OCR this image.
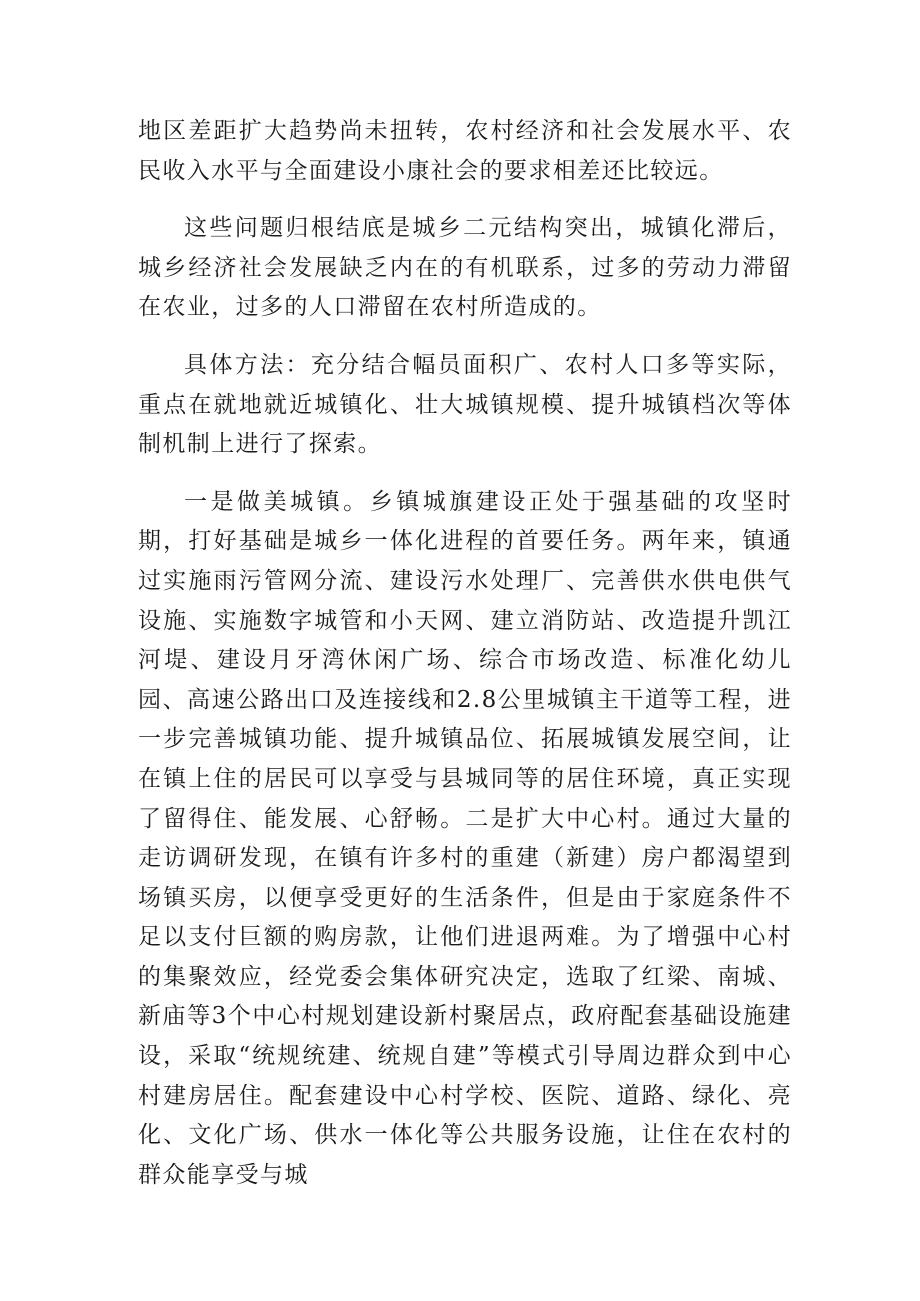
地区差距扩大趋势尚未扭转，农村经济和社会发展水平、农民收入水平与全面建设小康社会的要求相差还比较远。

这些问题归根结底是城乡二元结构突出，城镇化滞后，城乡经济社会发展缺乏内在的有机联系，过多的劳动力滞留在农业，过多的人口滞留在农村所造成的。

具体方法：充分结合幅员面积广、农村人口多等实际，重点在就地就近城镇化、壮大城镇规模、提升城镇档次等体制机制上进行了探索。

一是做美城镇。乡镇城旗建设正处于强基础的攻坚时期，打好基础是城乡一体化进程的首要任务。两年来，镇通过实施雨污管网分流、建设污水处理厂、完善供水供电供气设施、实施数字城管和小天网、建立消防站、改造提升凯江河堤、建设月牙湾休闲广场、综合市场改造、标准化幼儿园、高速公路出口及连接线和2.8公里城镇主干道等工程，进一步完善城镇功能、提升城镇品位、拓展城镇发展空间，让在镇上住的居民可以享受与县城同等的居住环境，真正实现了留得住、能发展、心舒畅。二是扩大中心村。通过大量的走访调研发现，在镇有许多村的重建（新建）房户都渴望到场镇买房，以便享受更好的生活条件，但是由于家庭条件不足以支付巨额的购房款，让他们进退两难。为了增强中心村的集聚效应，经党委会集体研究决定，选取了红梁、南城、新庙等3个中心村规划建设新村聚居点，政府配套基础设施建设，采取“统规统建、统规自建”等模式引导周边群众到中心村建房居住。配套建设中心村学校、医院、道路、绿化、亮化、文化广场、供水一体化等公共服务设施，让住在农村的群众能享受与城
